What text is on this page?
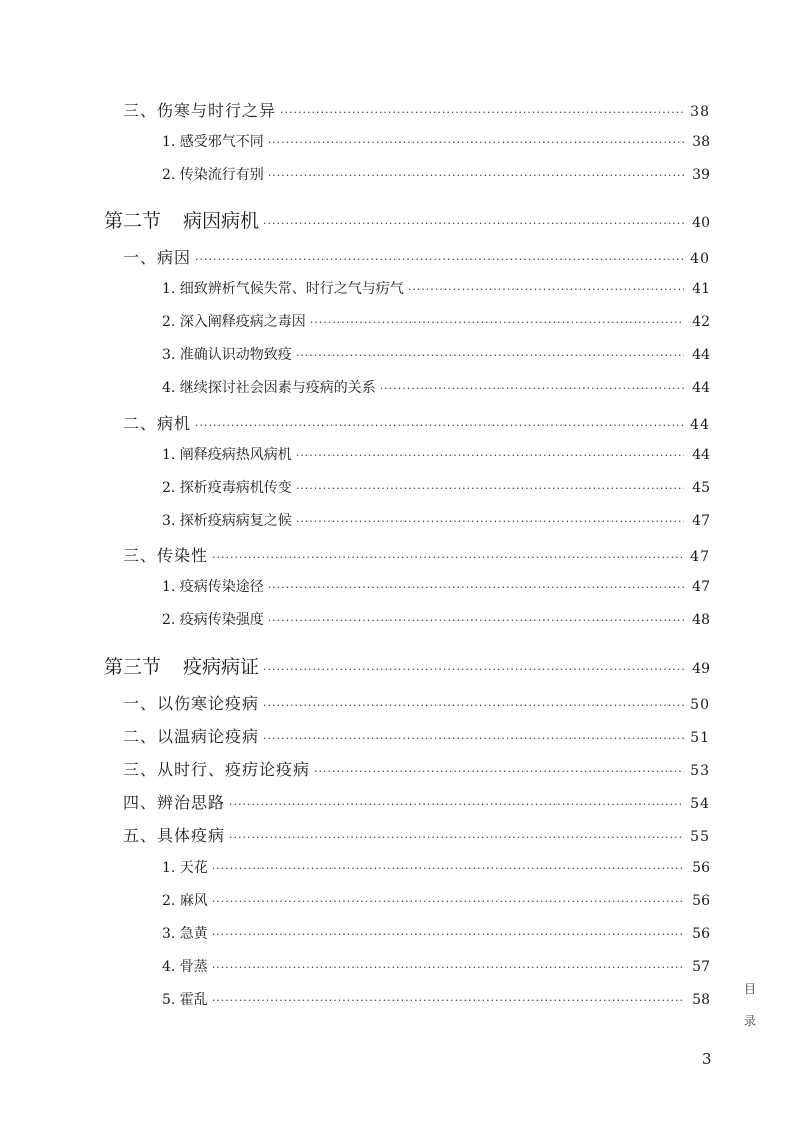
三、伤寒与时行之异 ·····	38
1. 感受邪气不同 ·····	38
2. 传染流行有别 ·····	39
第二节 病因病机 ·····	40
一、病因 ·····	40
1. 细致辨析气候失常、时行之气与疠气 ·····	41
2. 深入阐释疫病之毒因 ·····	42
3. 准确认识动物致疫 ·····	44
4. 继续探讨社会因素与疫病的关系 ·····	44
二、病机 ·····	44
1. 阐释疫病热风病机 ·····	44
2. 探析疫毒病机传变 ·····	45
3. 探析疫病病复之候 ·····	47
三、传染性 ·····	47
1. 疫病传染途径 ·····	47
2. 疫病传染强度 ·····	48
第三节 疫病病证 ·····	49
一、以伤寒论疫病 ·····	50
二、以温病论疫病 ·····	51
三、从时行、疫疠论疫病 ·····	53
四、辨治思路 ·····	54
五、具体疫病 ·····	55
1. 天花 ·····	56
2. 麻风 ·····	56
3. 急黄 ·····	56
4. 骨蒸 ·····	57
5. 霍乱 ·····	58
目
录
3
